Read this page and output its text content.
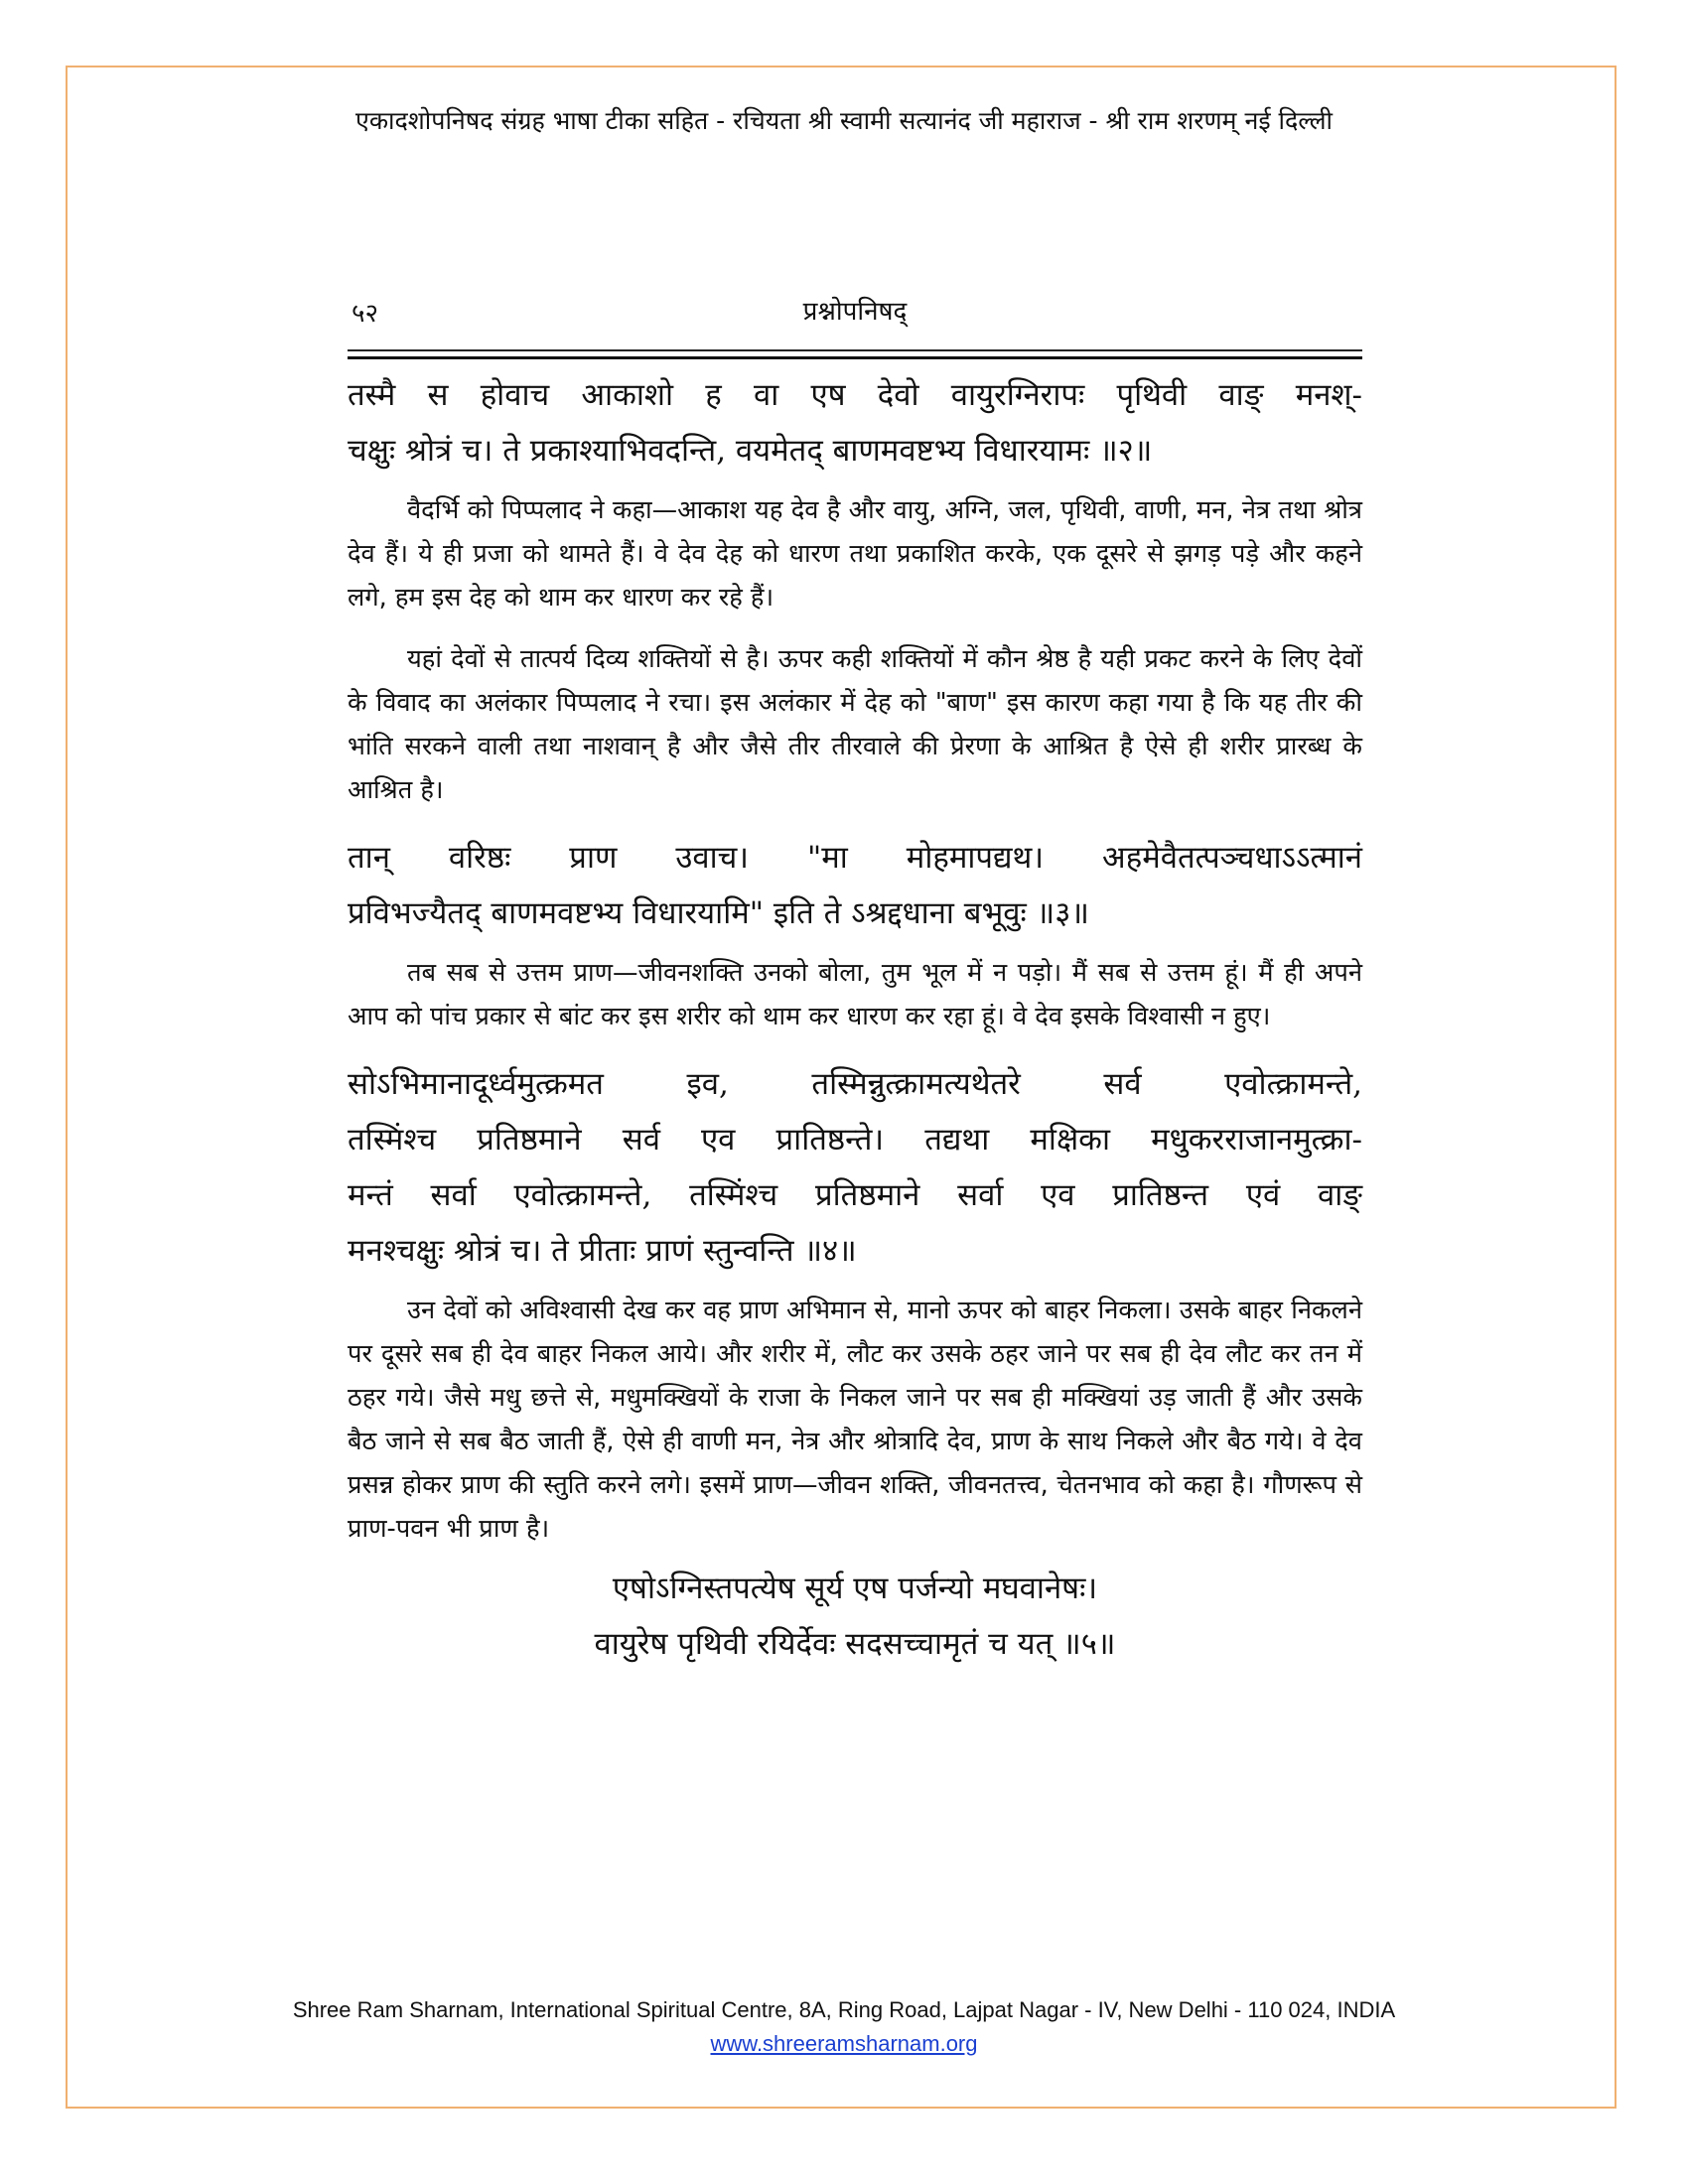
एकादशोपनिषद संग्रह भाषा टीका सहित - रचियता श्री स्वामी सत्यानंद जी महाराज - श्री राम शरणम् नई दिल्ली
५२	प्रश्नोपनिषद्
तस्मै स होवाच आकाशो ह वा एष देवो वायुरग्निरापः पृथिवी वाङ् मनश्-
चक्षुः श्रोत्रं च। ते प्रकाश्याभिवदन्ति, वयमेतद् बाणमवष्टभ्य विधारयामः ॥२॥

वैदर्भि को पिप्पलाद ने कहा—आकाश यह देव है और वायु, अग्नि, जल, पृथिवी, वाणी, मन, नेत्र तथा श्रोत्र देव हैं। ये ही प्रजा को थामते हैं। वे देव देह को धारण तथा प्रकाशित करके, एक दूसरे से झगड़ पड़े और कहने लगे, हम इस देह को थाम कर धारण कर रहे हैं।

यहां देवों से तात्पर्य दिव्य शक्तियों से है। ऊपर कही शक्तियों में कौन श्रेष्ठ है यही प्रकट करने के लिए देवों के विवाद का अलंकार पिप्पलाद ने रचा। इस अलंकार में देह को "बाण" इस कारण कहा गया है कि यह तीर की भांति सरकने वाली तथा नाशवान् है और जैसे तीर तीरवाले की प्रेरणा के आश्रित है ऐसे ही शरीर प्रारब्ध के आश्रित है।

तान् वरिष्ठः प्राण उवाच। "मा मोहमापद्यथ। अहमेवैतत्पञ्चधाऽऽत्मानं
प्रविभज्यैतद् बाणमवष्टभ्य विधारयामि" इति ते ऽश्रद्दधाना बभूवुः ॥३॥

तब सब से उत्तम प्राण—जीवनशक्ति उनको बोला, तुम भूल में न पड़ो। मैं सब से उत्तम हूं। मैं ही अपने आप को पांच प्रकार से बांट कर इस शरीर को थाम कर धारण कर रहा हूं। वे देव इसके विश्वासी न हुए।

सोऽभिमानादूर्ध्वमुत्क्रमत इव, तस्मिन्नुत्क्रामत्यथेतरे सर्व एवोत्क्रामन्ते,
तस्मिंश्च प्रतिष्ठमाने सर्व एव प्रातिष्ठन्ते। तद्यथा मक्षिका मधुकरराजानमुत्क्रा-
मन्तं सर्वा एवोत्क्रामन्ते, तस्मिंश्च प्रतिष्ठमाने सर्वा एव प्रातिष्ठन्त एवं वाङ्
मनश्चक्षुः श्रोत्रं च। ते प्रीताः प्राणं स्तुन्वन्ति ॥४॥

उन देवों को अविश्वासी देख कर वह प्राण अभिमान से, मानो ऊपर को बाहर निकला। उसके बाहर निकलने पर दूसरे सब ही देव बाहर निकल आये। और शरीर में, लौट कर उसके ठहर जाने पर सब ही देव लौट कर तन में ठहर गये। जैसे मधु छत्ते से, मधुमक्खियों के राजा के निकल जाने पर सब ही मक्खियां उड़ जाती हैं और उसके बैठ जाने से सब बैठ जाती हैं, ऐसे ही वाणी मन, नेत्र और श्रोत्रादि देव, प्राण के साथ निकले और बैठ गये। वे देव प्रसन्न होकर प्राण की स्तुति करने लगे। इसमें प्राण—जीवन शक्ति, जीवनतत्त्व, चेतनभाव को कहा है। गौणरूप से प्राण-पवन भी प्राण है।

एषोऽग्निस्तपत्येष सूर्य एष पर्जन्यो मघवानेषः।
वायुरेष पृथिवी रयिर्देवः सदसच्चामृतं च यत् ॥५॥
Shree Ram Sharnam, International Spiritual Centre, 8A, Ring Road, Lajpat Nagar - IV, New Delhi - 110 024, INDIA
www.shreeramsharnam.org
